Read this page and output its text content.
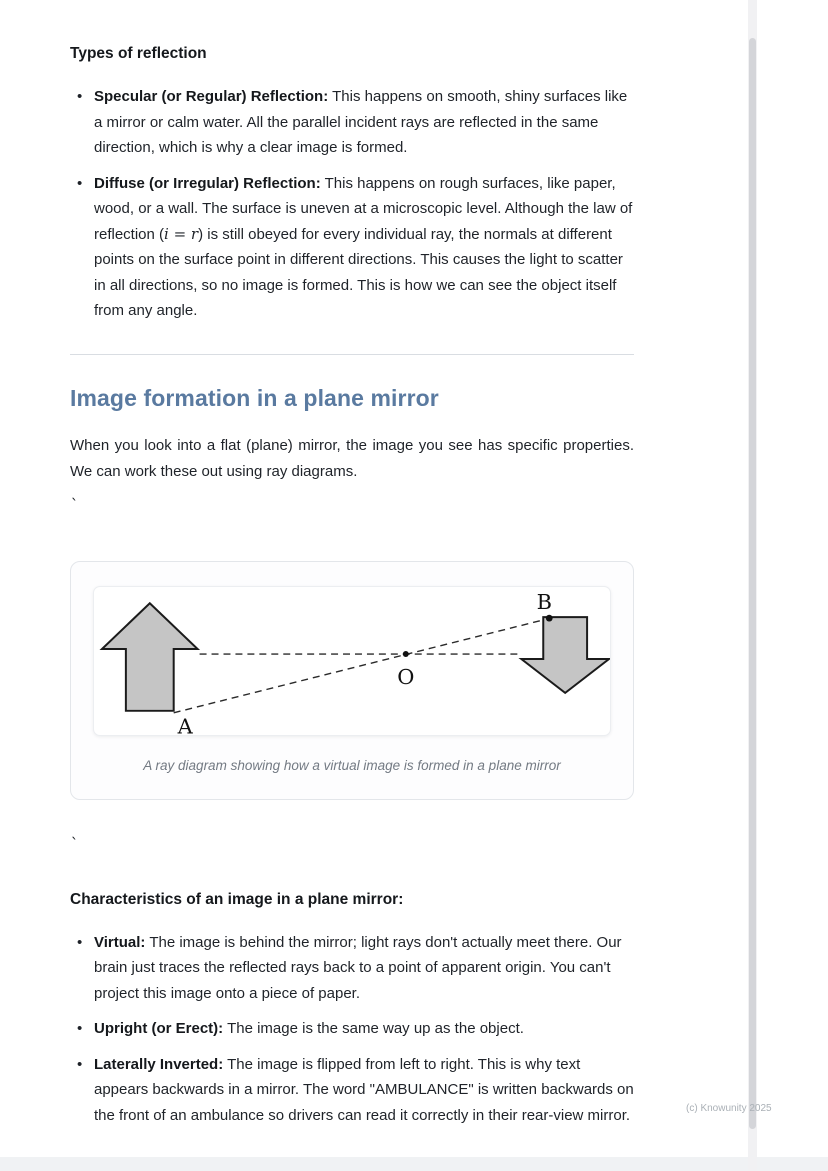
Types of reflection
• Specular (or Regular) Reflection: This happens on smooth, shiny surfaces like a mirror or calm water. All the parallel incident rays are reflected in the same direction, which is why a clear image is formed.
• Diffuse (or Irregular) Reflection: This happens on rough surfaces, like paper, wood, or a wall. The surface is uneven at a microscopic level. Although the law of reflection (i = r) is still obeyed for every individual ray, the normals at different points on the surface point in different directions. This causes the light to scatter in all directions, so no image is formed. This is how we can see the object itself from any angle.
Image formation in a plane mirror

When you look into a flat (plane) mirror, the image you see has specific properties. We can work these out using ray diagrams.

`
A
B
O
A ray diagram showing how a virtual image is formed in a plane mirror
`
Characteristics of an image in a plane mirror:
• Virtual: The image is behind the mirror; light rays don't actually meet there. Our brain just traces the reflected rays back to a point of apparent origin. You can't project this image onto a piece of paper.
• Upright (or Erect): The image is the same way up as the object.
• Laterally Inverted: The image is flipped from left to right. This is why text appears backwards in a mirror. The word "AMBULANCE" is written backwards on the front of an ambulance so drivers can read it correctly in their rear-view mirror.	(c) Knowunity 2025
